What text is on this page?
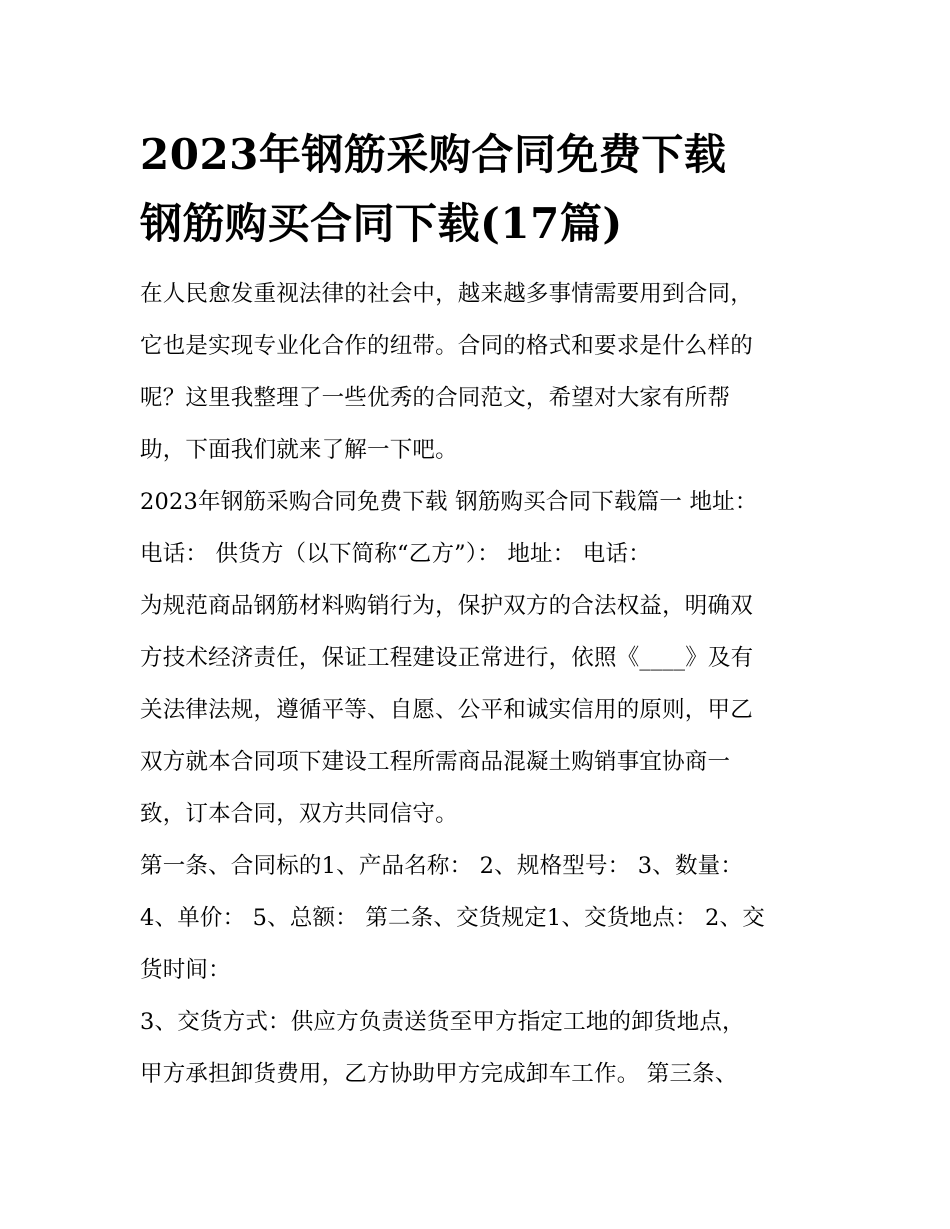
2023年钢筋采购合同免费下载
钢筋购买合同下载(17篇)

在人民愈发重视法律的社会中，越来越多事情需要用到合同，
它也是实现专业化合作的纽带。合同的格式和要求是什么样的
呢？这里我整理了一些优秀的合同范文，希望对大家有所帮
助，下面我们就来了解一下吧。

2023年钢筋采购合同免费下载 钢筋购买合同下载篇一 地址：
电话： 供货方（以下简称“乙方”）： 地址： 电话：

为规范商品钢筋材料购销行为，保护双方的合法权益，明确双
方技术经济责任，保证工程建设正常进行，依照《____》及有
关法律法规，遵循平等、自愿、公平和诚实信用的原则，甲乙
双方就本合同项下建设工程所需商品混凝土购销事宜协商一
致，订本合同，双方共同信守。

第一条、合同标的1、产品名称： 2、规格型号： 3、数量：
4、单价： 5、总额： 第二条、交货规定1、交货地点： 2、交
货时间：

3、交货方式：供应方负责送货至甲方指定工地的卸货地点，
甲方承担卸货费用，乙方协助甲方完成卸车工作。 第三条、
